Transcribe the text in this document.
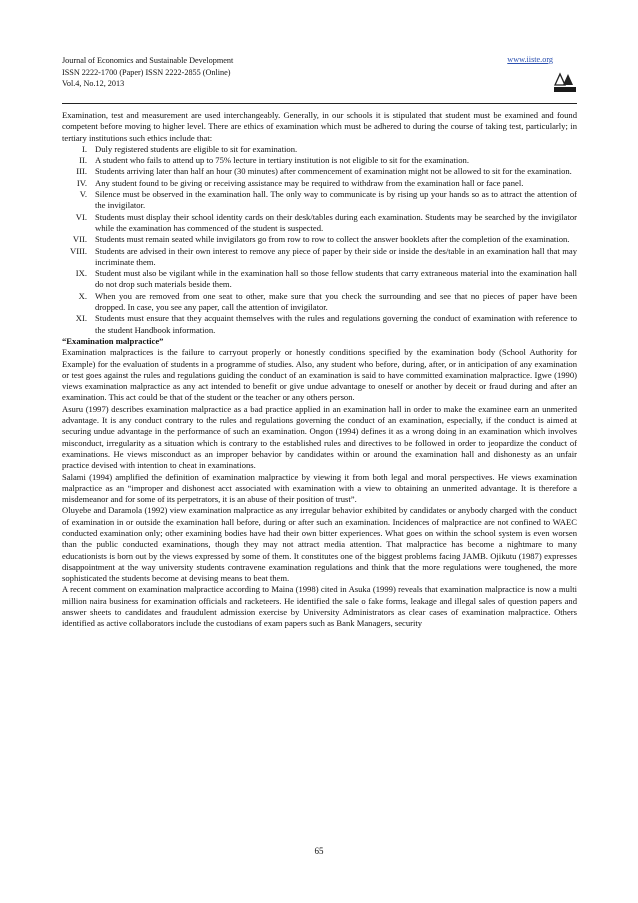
Journal of Economics and Sustainable Development
ISSN 2222-1700 (Paper) ISSN 2222-2855 (Online)
Vol.4, No.12, 2013
www.iiste.org

Examination, test and measurement are used interchangeably. Generally, in our schools it is stipulated that student must be examined and found competent before moving to higher level. There are ethics of examination which must be adhered to during the course of taking test, particularly; in tertiary institutions such ethics include that:

I. Duly registered students are eligible to sit for examination.
II. A student who fails to attend up to 75% lecture in tertiary institution is not eligible to sit for the examination.
III. Students arriving later than half an hour (30 minutes) after commencement of examination might not be allowed to sit for the examination.
IV. Any student found to be giving or receiving assistance may be required to withdraw from the examination hall or face panel.
V. Silence must be observed in the examination hall. The only way to communicate is by rising up your hands so as to attract the attention of the invigilator.
VI. Students must display their school identity cards on their desk/tables during each examination. Students may be searched by the invigilator while the examination has commenced of the student is suspected.
VII. Students must remain seated while invigilators go from row to row to collect the answer booklets after the completion of the examination.
VIII. Students are advised in their own interest to remove any piece of paper by their side or inside the des/table in an examination hall that may incriminate them.
IX. Student must also be vigilant while in the examination hall so those fellow students that carry extraneous material into the examination hall do not drop such materials beside them.
X. When you are removed from one seat to other, make sure that you check the surrounding and see that no pieces of paper have been dropped. In case, you see any paper, call the attention of invigilator.
XI. Students must ensure that they acquaint themselves with the rules and regulations governing the conduct of examination with reference to the student Handbook information.

“Examination malpractice”

Examination malpractices is the failure to carryout properly or honestly conditions specified by the examination body (School Authority for Example) for the evaluation of students in a programme of studies. Also, any student who before, during, after, or in anticipation of any examination or test goes against the rules and regulations guiding the conduct of an examination is said to have committed examination malpractice. Igwe (1990) views examination malpractice as any act intended to benefit or give undue advantage to oneself or another by deceit or fraud during and after an examination. This act could be that of the student or the teacher or any others person.

Asuru (1997) describes examination malpractice as a bad practice applied in an examination hall in order to make the examinee earn an unmerited advantage. It is any conduct contrary to the rules and regulations governing the conduct of an examination, especially, if the conduct is aimed at securing undue advantage in the performance of such an examination. Ongon (1994) defines it as a wrong doing in an examination which involves misconduct, irregularity as a situation which is contrary to the established rules and directives to be followed in order to jeopardize the conduct of examinations. He views misconduct as an improper behavior by candidates within or around the examination hall and dishonesty as an unfair practice devised with intention to cheat in examinations.

Salami (1994) amplified the definition of examination malpractice by viewing it from both legal and moral perspectives. He views examination malpractice as an “improper and dishonest acct associated with examination with a view to obtaining an unmerited advantage. It is therefore a misdemeanor and for some of its perpetrators, it is an abuse of their position of trust”.

Oluyebe and Daramola (1992) view examination malpractice as any irregular behavior exhibited by candidates or anybody charged with the conduct of examination in or outside the examination hall before, during or after such an examination. Incidences of malpractice are not confined to WAEC conducted examination only; other examining bodies have had their own bitter experiences. What goes on within the school system is even worsen than the public conducted examinations, though they may not attract media attention. That malpractice has become a nightmare to many educationists is born out by the views expressed by some of them. It constitutes one of the biggest problems facing JAMB. Ojikutu (1987) expresses disappointment at the way university students contravene examination regulations and think that the more regulations were toughened, the more sophisticated the students become at devising means to beat them.

A recent comment on examination malpractice according to Maina (1998) cited in Asuka (1999) reveals that examination malpractice is now a multi million naira business for examination officials and racketeers. He identified the sale o fake forms, leakage and illegal sales of question papers and answer sheets to candidates and fraudulent admission exercise by University Administrators as clear cases of examination malpractice. Others identified as active collaborators include the custodians of exam papers such as Bank Managers, security

65
